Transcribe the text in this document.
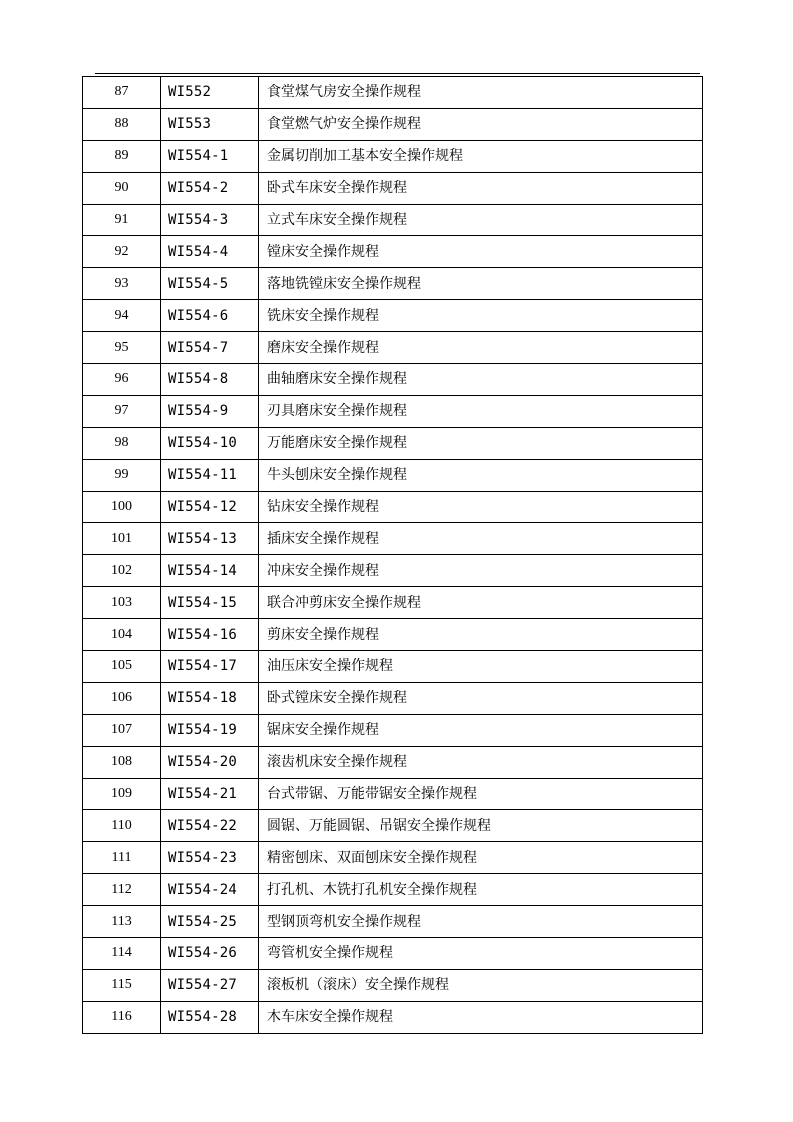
87	WI552	食堂煤气房安全操作规程
88	WI553	食堂燃气炉安全操作规程
89	WI554-1	金属切削加工基本安全操作规程
90	WI554-2	卧式车床安全操作规程
91	WI554-3	立式车床安全操作规程
92	WI554-4	镗床安全操作规程
93	WI554-5	落地铣镗床安全操作规程
94	WI554-6	铣床安全操作规程
95	WI554-7	磨床安全操作规程
96	WI554-8	曲轴磨床安全操作规程
97	WI554-9	刃具磨床安全操作规程
98	WI554-10	万能磨床安全操作规程
99	WI554-11	牛头刨床安全操作规程
100	WI554-12	钻床安全操作规程
101	WI554-13	插床安全操作规程
102	WI554-14	冲床安全操作规程
103	WI554-15	联合冲剪床安全操作规程
104	WI554-16	剪床安全操作规程
105	WI554-17	油压床安全操作规程
106	WI554-18	卧式镗床安全操作规程
107	WI554-19	锯床安全操作规程
108	WI554-20	滚齿机床安全操作规程
109	WI554-21	台式带锯、万能带锯安全操作规程
110	WI554-22	圆锯、万能圆锯、吊锯安全操作规程
111	WI554-23	精密刨床、双面刨床安全操作规程
112	WI554-24	打孔机、木铣打孔机安全操作规程
113	WI554-25	型钢顶弯机安全操作规程
114	WI554-26	弯管机安全操作规程
115	WI554-27	滚板机（滚床）安全操作规程
116	WI554-28	木车床安全操作规程
